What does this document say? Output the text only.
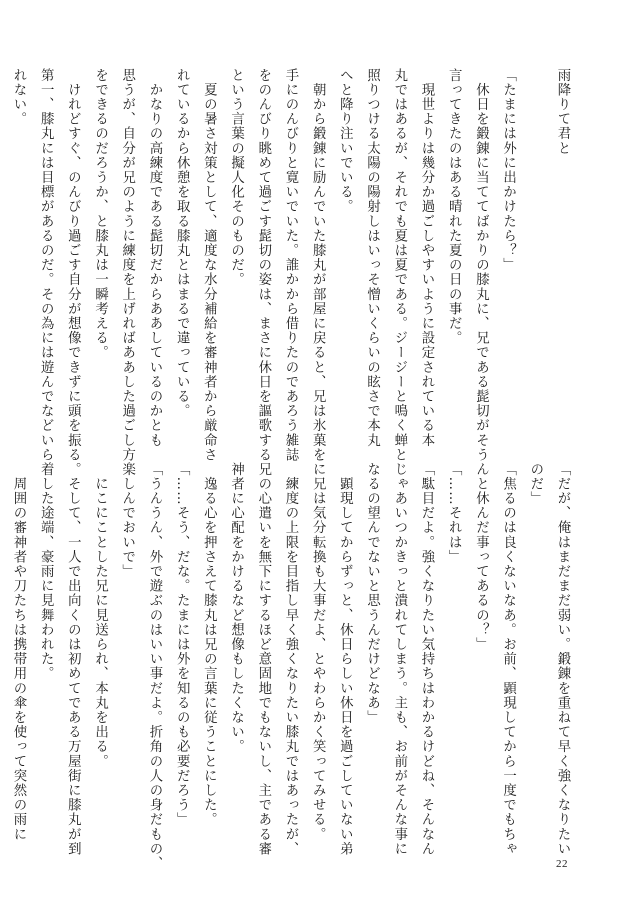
雨降りて君と

「たまには外に出かけたら？」

　休日を鍛錬に当ててばかりの膝丸に、兄である髭切がそう

言ってきたのはある晴れた夏の日の事だ。

　現世よりは幾分か過ごしやすいように設定されている本

丸ではあるが、それでも夏は夏である。ジージーと鳴く蝉と

照りつける太陽の陽射しはいっそ憎いくらいの眩さで本丸

へと降り注いでいる。

　朝から鍛錬に励んでいた膝丸が部屋に戻ると、兄は氷菓を

手にのんびりと寛いでいた。誰かから借りたのであろう雑誌

をのんびり眺めて過ごす髭切の姿は、まさに休日を謳歌する

という言葉の擬人化そのものだ。

　夏の暑さ対策として、適度な水分補給を審神者から厳命さ

れているから休憩を取る膝丸とはまるで違っている。

　かなりの高練度である髭切だからああしているのかとも

思うが、自分が兄のように練度を上げればああした過ごし方

をできるのだろうか、と膝丸は一瞬考える。

　けれどすぐ、のんびり過ごす自分が想像できずに頭を振る。

第一、膝丸には目標があるのだ。その為には遊んでなどいら

れない。

「だが、俺はまだまだ弱い。鍛錬を重ねて早く強くなりたい

のだ」

「焦るのは良くないなあ。お前、顕現してから一度でもちゃ

んと休んだ事ってあるの？」

「……それは」

「駄目だよ。強くなりたい気持ちはわかるけどね、そんなん

じゃあいつかきっと潰れてしまう。主も、お前がそんな事に

なるの望んでないと思うんだけどなあ」

　顕現してからずっと、休日らしい休日を過ごしていない弟

に兄は気分転換も大事だよ、とやわらかく笑ってみせる。

　練度の上限を目指し早く強くなりたい膝丸ではあったが、

兄の心遣いを無下にするほど意固地でもないし、主である審

神者に心配をかけるなど想像もしたくない。

　逸る心を押さえて膝丸は兄の言葉に従うことにした。

「……そう、だな。たまには外を知るのも必要だろう」

「うんうん、外で遊ぶのはいい事だよ。折角の人の身だもの、

楽しんでおいで」

　にこにことした兄に見送られ、本丸を出る。

　そして、一人で出向くのは初めてである万屋街に膝丸が到

着した途端、豪雨に見舞われた。

　周囲の審神者や刀たちは携帯用の傘を使って突然の雨に

22
